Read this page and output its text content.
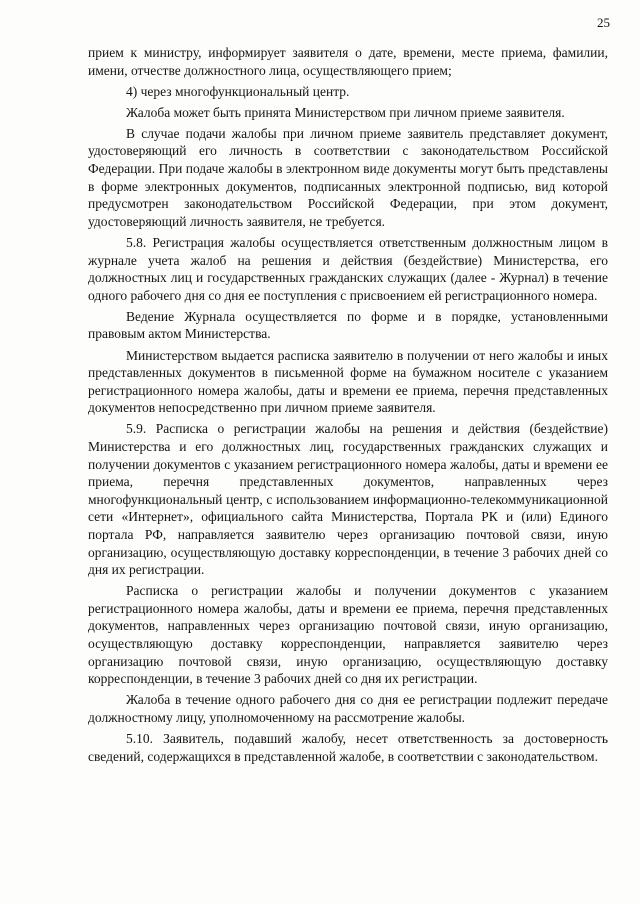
25

прием к министру, информирует заявителя о дате, времени, месте приема, фамилии, имени, отчестве должностного лица, осуществляющего прием;

4) через многофункциональный центр.

Жалоба может быть принята Министерством при личном приеме заявителя.

В случае подачи жалобы при личном приеме заявитель представляет документ, удостоверяющий его личность в соответствии с законодательством Российской Федерации. При подаче жалобы в электронном виде документы могут быть представлены в форме электронных документов, подписанных электронной подписью, вид которой предусмотрен законодательством Российской Федерации, при этом документ, удостоверяющий личность заявителя, не требуется.

5.8. Регистрация жалобы осуществляется ответственным должностным лицом в журнале учета жалоб на решения и действия (бездействие) Министерства, его должностных лиц и государственных гражданских служащих (далее - Журнал) в течение одного рабочего дня со дня ее поступления с присвоением ей регистрационного номера.

Ведение Журнала осуществляется по форме и в порядке, установленными правовым актом Министерства.

Министерством выдается расписка заявителю в получении от него жалобы и иных представленных документов в письменной форме на бумажном носителе с указанием регистрационного номера жалобы, даты и времени ее приема, перечня представленных документов непосредственно при личном приеме заявителя.

5.9. Расписка о регистрации жалобы на решения и действия (бездействие) Министерства и его должностных лиц, государственных гражданских служащих и получении документов с указанием регистрационного номера жалобы, даты и времени ее приема, перечня представленных документов, направленных через многофункциональный центр, с использованием информационно-телекоммуникационной сети «Интернет», официального сайта Министерства, Портала РК и (или) Единого портала РФ, направляется заявителю через организацию почтовой связи, иную организацию, осуществляющую доставку корреспонденции, в течение 3 рабочих дней со дня их регистрации.

Расписка о регистрации жалобы и получении документов с указанием регистрационного номера жалобы, даты и времени ее приема, перечня представленных документов, направленных через организацию почтовой связи, иную организацию, осуществляющую доставку корреспонденции, направляется заявителю через организацию почтовой связи, иную организацию, осуществляющую доставку корреспонденции, в течение 3 рабочих дней со дня их регистрации.

Жалоба в течение одного рабочего дня со дня ее регистрации подлежит передаче должностному лицу, уполномоченному на рассмотрение жалобы.

5.10. Заявитель, подавший жалобу, несет ответственность за достоверность сведений, содержащихся в представленной жалобе, в соответствии с законодательством.
